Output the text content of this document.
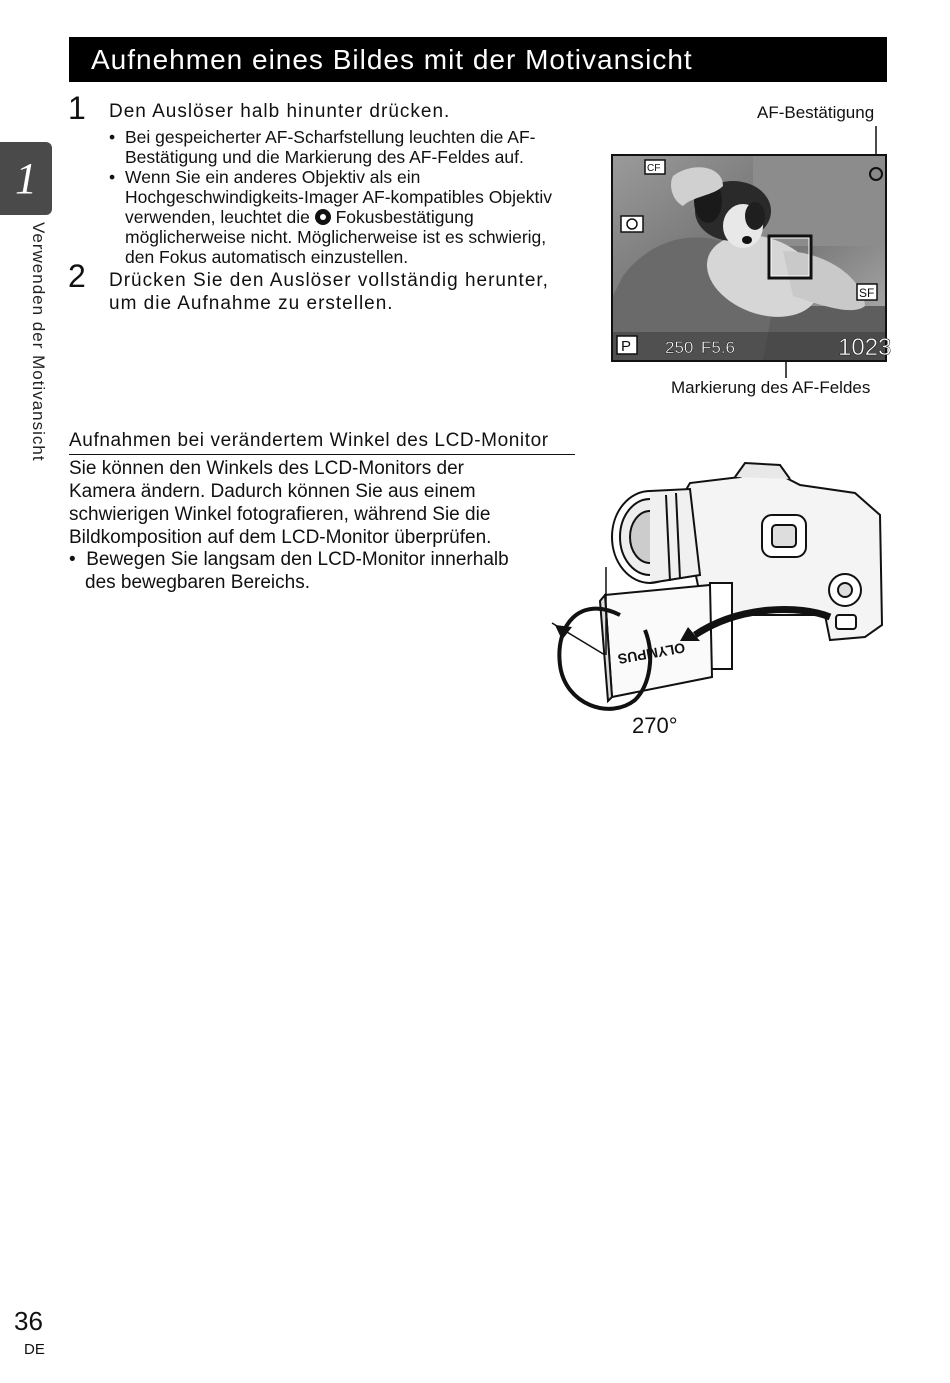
1
Verwenden der Motivansicht
Aufnehmen eines Bildes mit der Motivansicht
1 Den Auslöser halb hinunter drücken.
• Bei gespeicherter AF-Scharfstellung leuchten die AF-
Bestätigung und die Markierung des AF-Feldes auf.
• Wenn Sie ein anderes Objektiv als ein
Hochgeschwindigkeits-Imager AF-kompatibles Objektiv
verwenden, leuchtet die Fokusbestätigung
möglicherweise nicht. Möglicherweise ist es schwierig,
den Fokus automatisch einzustellen.
2 Drücken Sie den Auslöser vollständig herunter,
um die Aufnahme zu erstellen.
AF-Bestätigung
CF
SF
P 250 F5.6	1023
Markierung des AF-Feldes
Aufnahmen bei verändertem Winkel des LCD-Monitor
Sie können den Winkels des LCD-Monitors der
Kamera ändern. Dadurch können Sie aus einem
schwierigen Winkel fotografieren, während Sie die
Bildkomposition auf dem LCD-Monitor überprüfen.
•  Bewegen Sie langsam den LCD-Monitor innerhalb
des bewegbaren Bereichs.
OLYMPUS
270°
36
DE
